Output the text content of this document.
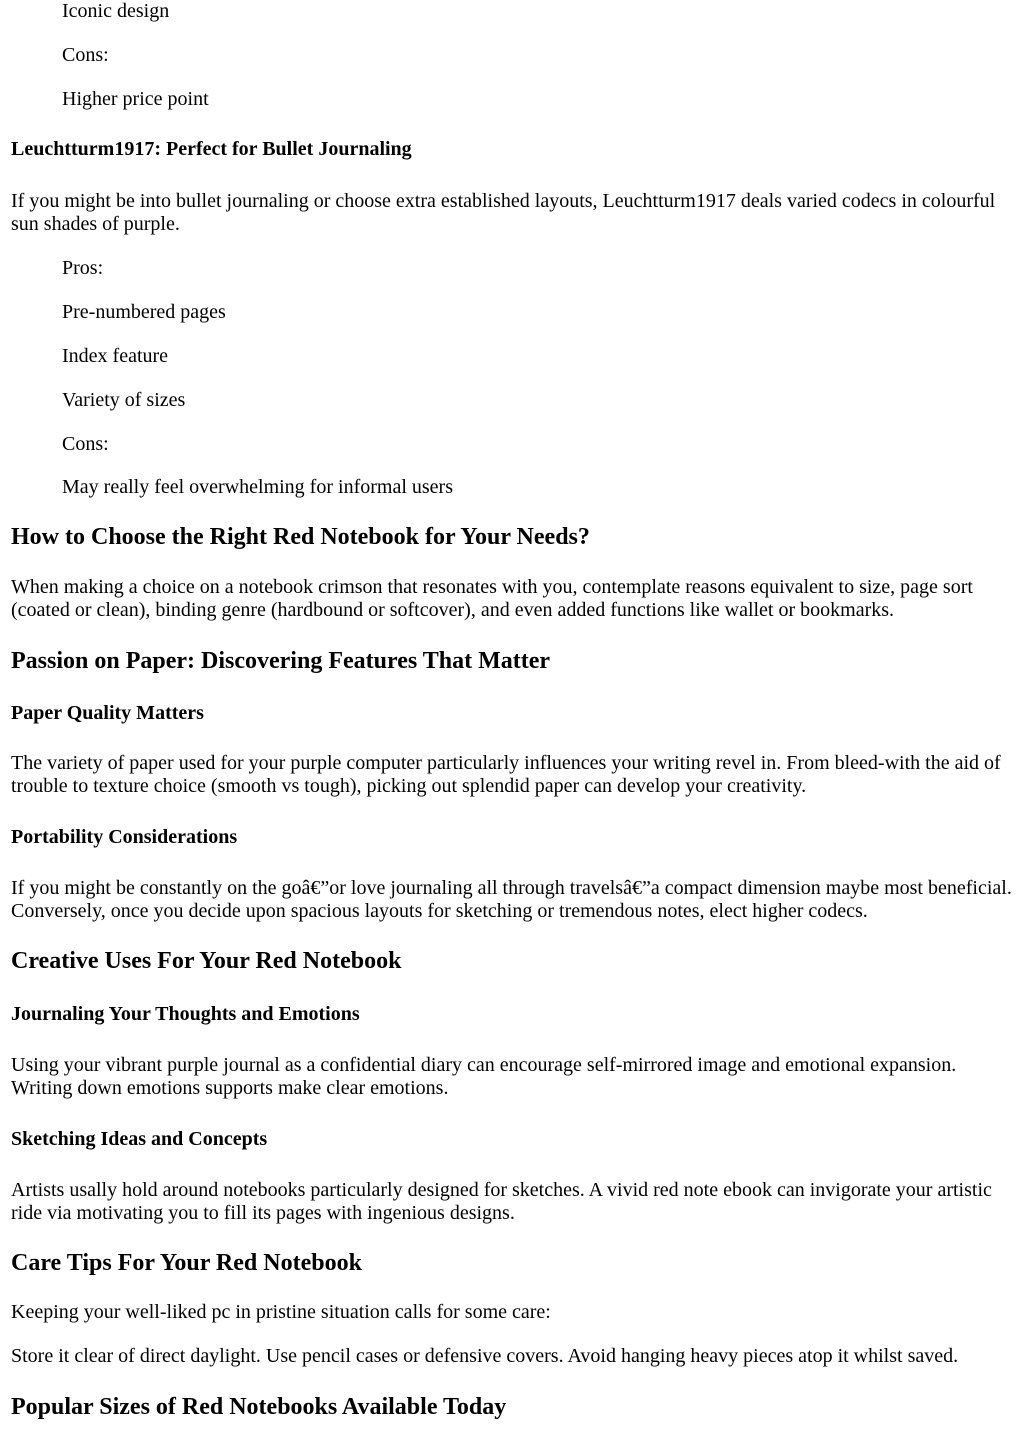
Iconic design

Cons:

Higher price point

Leuchtturm1917: Perfect for Bullet Journaling

If you might be into bullet journaling or choose extra established layouts, Leuchtturm1917 deals varied codecs in colourful sun shades of purple.

Pros:

Pre-numbered pages

Index feature

Variety of sizes

Cons:

May really feel overwhelming for informal users

How to Choose the Right Red Notebook for Your Needs?

When making a choice on a notebook crimson that resonates with you, contemplate reasons equivalent to size, page sort (coated or clean), binding genre (hardbound or softcover), and even added functions like wallet or bookmarks.

Passion on Paper: Discovering Features That Matter
Paper Quality Matters

The variety of paper used for your purple computer particularly influences your writing revel in. From bleed-with the aid of trouble to texture choice (smooth vs tough), picking out splendid paper can develop your creativity.

Portability Considerations

If you might be constantly on the goâ€”or love journaling all through travelsâ€”a compact dimension maybe most beneficial. Conversely, once you decide upon spacious layouts for sketching or tremendous notes, elect higher codecs.

Creative Uses For Your Red Notebook
Journaling Your Thoughts and Emotions

Using your vibrant purple journal as a confidential diary can encourage self-mirrored image and emotional expansion. Writing down emotions supports make clear emotions.

Sketching Ideas and Concepts

Artists usally hold around notebooks particularly designed for sketches. A vivid red note ebook can invigorate your artistic ride via motivating you to fill its pages with ingenious designs.

Care Tips For Your Red Notebook

Keeping your well-liked pc in pristine situation calls for some care:

Store it clear of direct daylight. Use pencil cases or defensive covers. Avoid hanging heavy pieces atop it whilst saved.

Popular Sizes of Red Notebooks Available Today
